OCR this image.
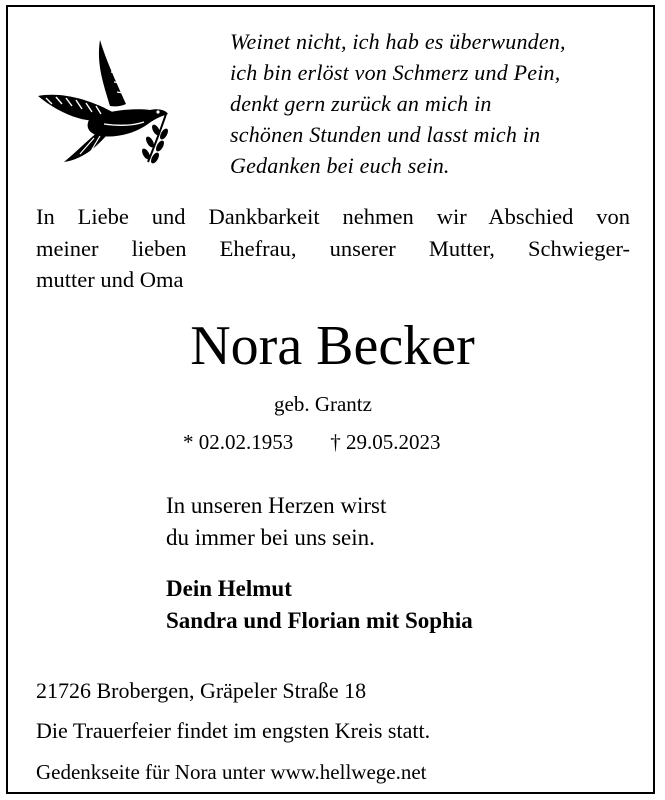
Weinet nicht, ich hab es überwunden,
ich bin erlöst von Schmerz und Pein,
denkt gern zurück an mich in
schönen Stunden und lasst mich in
Gedanken bei euch sein.
In Liebe und Dankbarkeit nehmen wir Abschied von
meiner lieben Ehefrau, unserer Mutter, Schwieger-
mutter und Oma
Nora Becker
geb. Grantz
* 02.02.1953 † 29.05.2023
In unseren Herzen wirst
du immer bei uns sein.
Dein Helmut
Sandra und Florian mit Sophia
21726 Brobergen, Gräpeler Straße 18
Die Trauerfeier findet im engsten Kreis statt.
Gedenkseite für Nora unter www.hellwege.net
